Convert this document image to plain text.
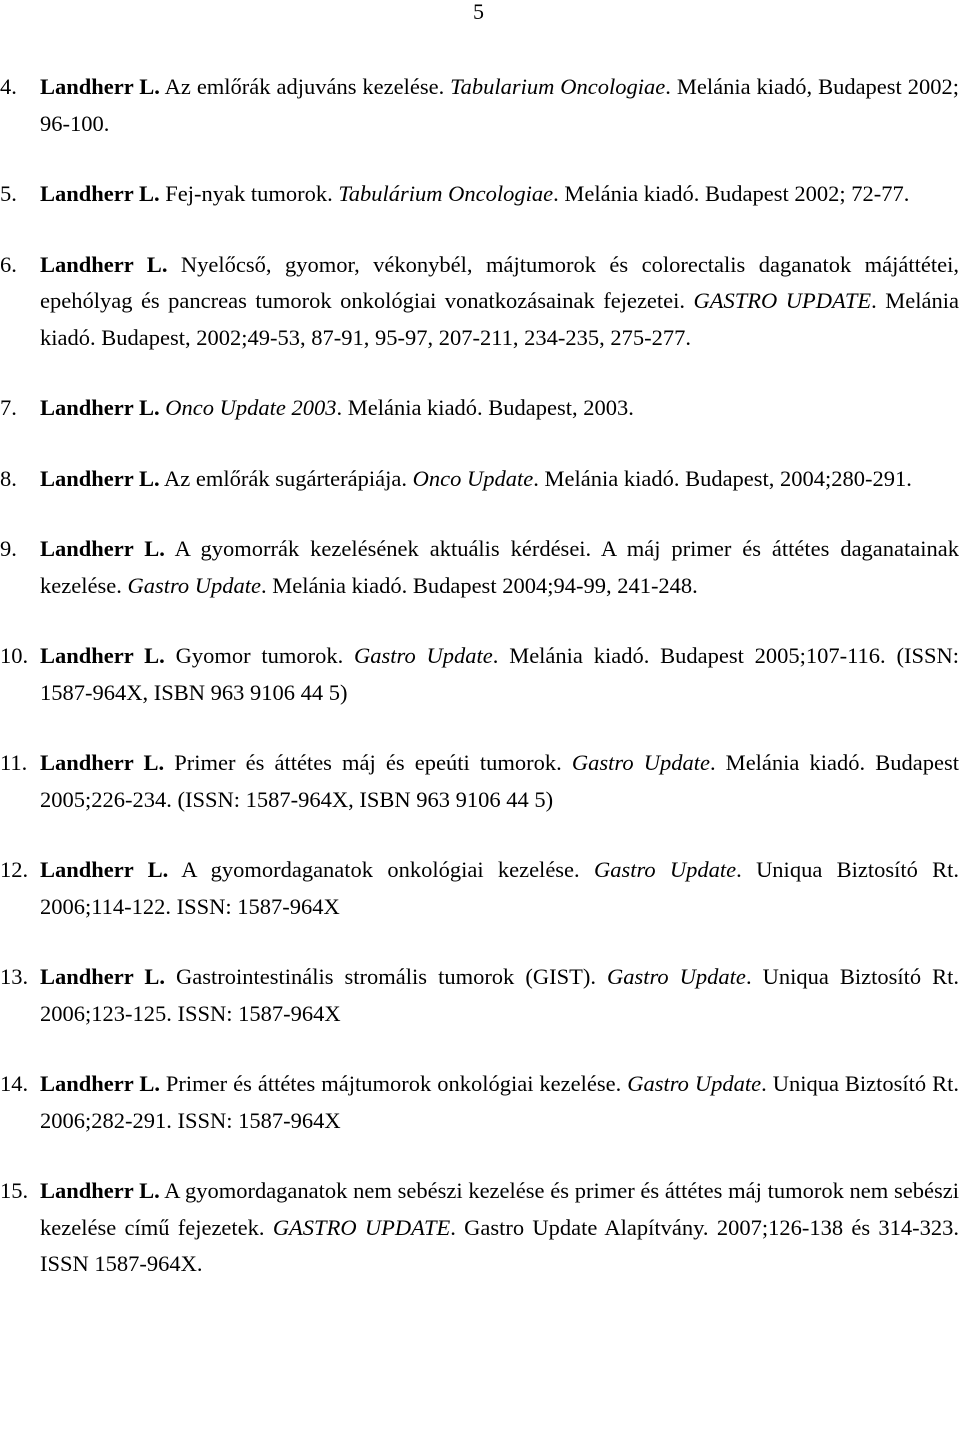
5

4. Landherr L. Az emlőrák adjuváns kezelése. Tabularium Oncologiae. Melánia kiadó, Budapest 2002; 96-100.

5. Landherr L. Fej-nyak tumorok. Tabulárium Oncologiae. Melánia kiadó. Budapest 2002; 72-77.

6. Landherr L. Nyelőcső, gyomor, vékonybél, májtumorok és colorectalis daganatok májáttétei, epehólyag és pancreas tumorok onkológiai vonatkozásainak fejezetei. GASTRO UPDATE. Melánia kiadó. Budapest, 2002;49-53, 87-91, 95-97, 207-211, 234-235, 275-277.

7. Landherr L. Onco Update 2003. Melánia kiadó. Budapest, 2003.

8. Landherr L. Az emlőrák sugárterápiája. Onco Update. Melánia kiadó. Budapest, 2004;280-291.

9. Landherr L. A gyomorrák kezelésének aktuális kérdései. A máj primer és áttétes daganatainak kezelése. Gastro Update. Melánia kiadó. Budapest 2004;94-99, 241-248.

10. Landherr L. Gyomor tumorok. Gastro Update. Melánia kiadó. Budapest 2005;107-116. (ISSN: 1587-964X, ISBN 963 9106 44 5)

11. Landherr L. Primer és áttétes máj és epeúti tumorok. Gastro Update. Melánia kiadó. Budapest 2005;226-234. (ISSN: 1587-964X, ISBN 963 9106 44 5)

12. Landherr L. A gyomordaganatok onkológiai kezelése. Gastro Update. Uniqua Biztosító Rt. 2006;114-122. ISSN: 1587-964X

13. Landherr L. Gastrointestinális stromális tumorok (GIST). Gastro Update. Uniqua Biztosító Rt. 2006;123-125. ISSN: 1587-964X

14. Landherr L. Primer és áttétes májtumorok onkológiai kezelése. Gastro Update. Uniqua Biztosító Rt. 2006;282-291. ISSN: 1587-964X

15. Landherr L. A gyomordaganatok nem sebészi kezelése és primer és áttétes máj tumorok nem sebészi kezelése című fejezetek. GASTRO UPDATE. Gastro Update Alapítvány. 2007;126-138 és 314-323. ISSN 1587-964X.
